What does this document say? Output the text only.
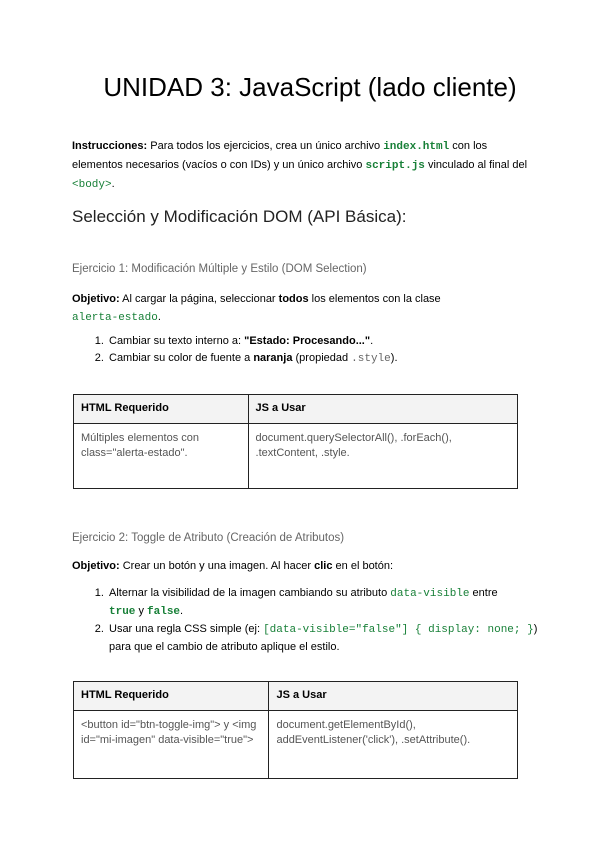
UNIDAD 3: JavaScript (lado cliente)

Instrucciones: Para todos los ejercicios, crea un único archivo index.html con los elementos necesarios (vacíos o con IDs) y un único archivo script.js vinculado al final del <body>.

Selección y Modificación DOM (API Básica):
Ejercicio 1: Modificación Múltiple y Estilo (DOM Selection)

Objetivo: Al cargar la página, seleccionar todos los elementos con la clase
alerta-estado.

1. Cambiar su texto interno a: "Estado: Procesando...".
2. Cambiar su color de fuente a naranja (propiedad .style).
HTML Requerido	JS a Usar
Múltiples elementos con class="alerta-estado".	document.querySelectorAll(), .forEach(), .textContent, .style.
Ejercicio 2: Toggle de Atributo (Creación de Atributos)

Objetivo: Crear un botón y una imagen. Al hacer clic en el botón:

1. Alternar la visibilidad de la imagen cambiando su atributo data-visible entre
true y false.
2. Usar una regla CSS simple (ej: [data-visible="false"] { display: none; }) para que el cambio de atributo aplique el estilo.
HTML Requerido	JS a Usar
<button id="btn-toggle-img"> y <img id="mi-imagen" data-visible="true">	document.getElementById(), addEventListener('click'), .setAttribute().
